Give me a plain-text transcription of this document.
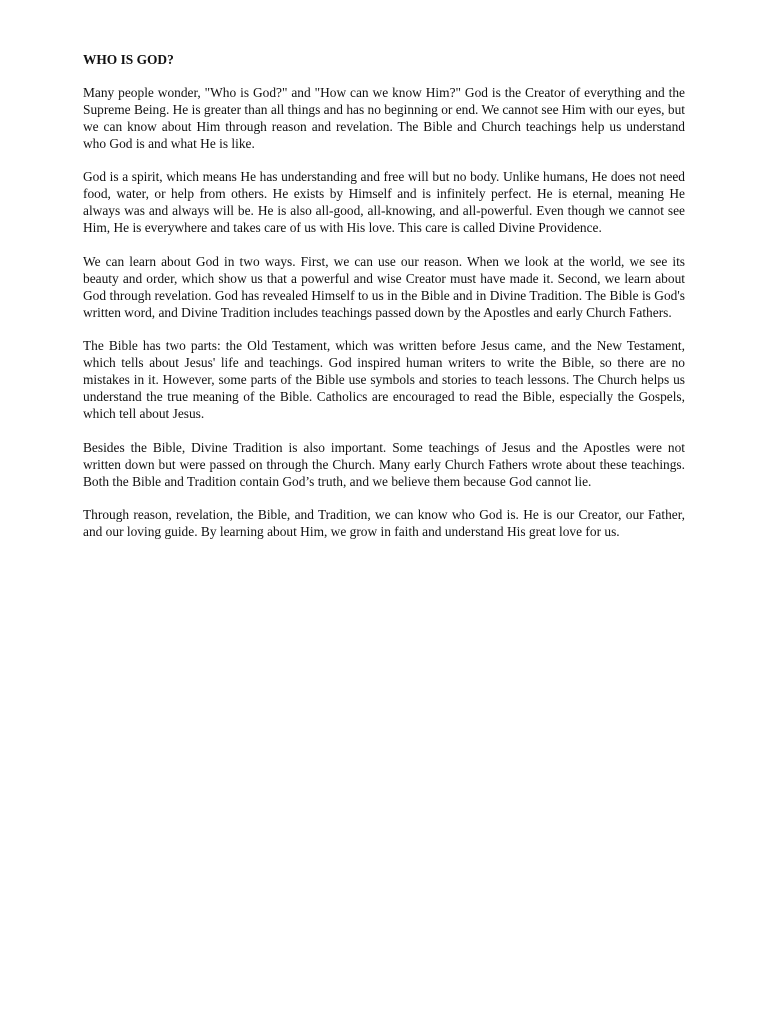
WHO IS GOD?

Many people wonder, "Who is God?" and "How can we know Him?" God is the Creator of everything and the Supreme Being. He is greater than all things and has no beginning or end. We cannot see Him with our eyes, but we can know about Him through reason and revelation. The Bible and Church teachings help us understand who God is and what He is like.

God is a spirit, which means He has understanding and free will but no body. Unlike humans, He does not need food, water, or help from others. He exists by Himself and is infinitely perfect. He is eternal, meaning He always was and always will be. He is also all-good, all-knowing, and all-powerful. Even though we cannot see Him, He is everywhere and takes care of us with His love. This care is called Divine Providence.

We can learn about God in two ways. First, we can use our reason. When we look at the world, we see its beauty and order, which show us that a powerful and wise Creator must have made it. Second, we learn about God through revelation. God has revealed Himself to us in the Bible and in Divine Tradition. The Bible is God's written word, and Divine Tradition includes teachings passed down by the Apostles and early Church Fathers.

The Bible has two parts: the Old Testament, which was written before Jesus came, and the New Testament, which tells about Jesus' life and teachings. God inspired human writers to write the Bible, so there are no mistakes in it. However, some parts of the Bible use symbols and stories to teach lessons. The Church helps us understand the true meaning of the Bible. Catholics are encouraged to read the Bible, especially the Gospels, which tell about Jesus.

Besides the Bible, Divine Tradition is also important. Some teachings of Jesus and the Apostles were not written down but were passed on through the Church. Many early Church Fathers wrote about these teachings. Both the Bible and Tradition contain God’s truth, and we believe them because God cannot lie.

Through reason, revelation, the Bible, and Tradition, we can know who God is. He is our Creator, our Father, and our loving guide. By learning about Him, we grow in faith and understand His great love for us.
